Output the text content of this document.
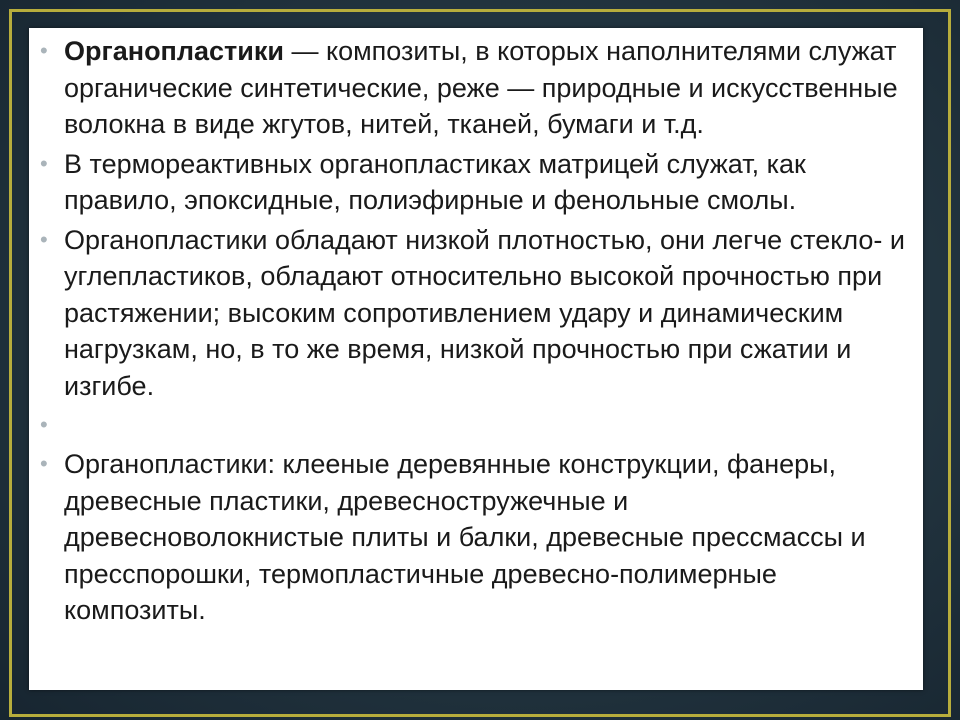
• Органопластики — композиты, в которых наполнителями служат органические синтетические, реже — природные и искусственные волокна в виде жгутов, нитей, тканей, бумаги и т.д.
• В термореактивных органопластиках матрицей служат, как правило, эпоксидные, полиэфирные и фенольные смолы.
• Органопластики обладают низкой плотностью, они легче стекло- и углепластиков, обладают относительно высокой прочностью при растяжении; высоким сопротивлением удару и динамическим нагрузкам, но, в то же время, низкой прочностью при сжатии и изгибе.
•
• Органопластики: клееные деревянные конструкции, фанеры, древесные пластики, древесностружечные и древесноволокнистые плиты и балки, древесные прессмассы и пресспорошки, термопластичные древесно-полимерные композиты.
